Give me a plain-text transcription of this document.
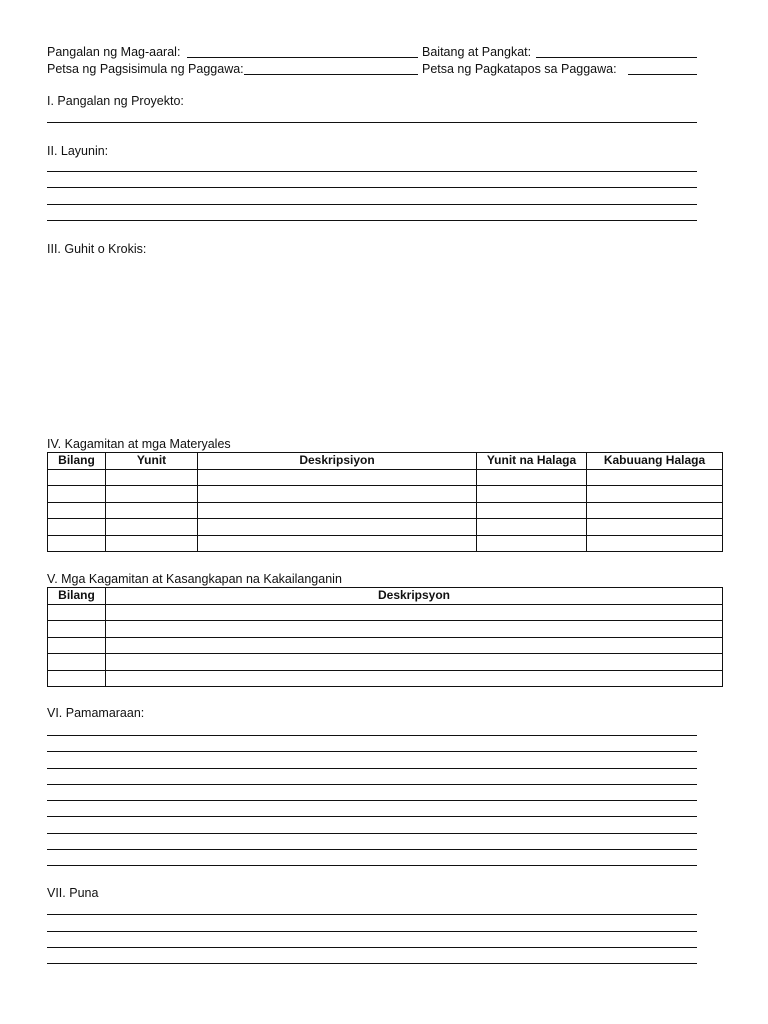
Pangalan ng Mag-aaral:	Baitang at Pangkat:
Petsa ng Pagsisimula ng Paggawa:	Petsa ng Pagkatapos sa Paggawa:
I. Pangalan ng Proyekto:
II. Layunin:
III. Guhit o Krokis:
IV. Kagamitan at mga Materyales
Bilang	Yunit	Deskripsiyon	Yunit na Halaga	Kabuuang Halaga

V. Mga Kagamitan at Kasangkapan na Kakailanganin
Bilang	Deskripsyon

VI. Pamamaraan:
VII. Puna
